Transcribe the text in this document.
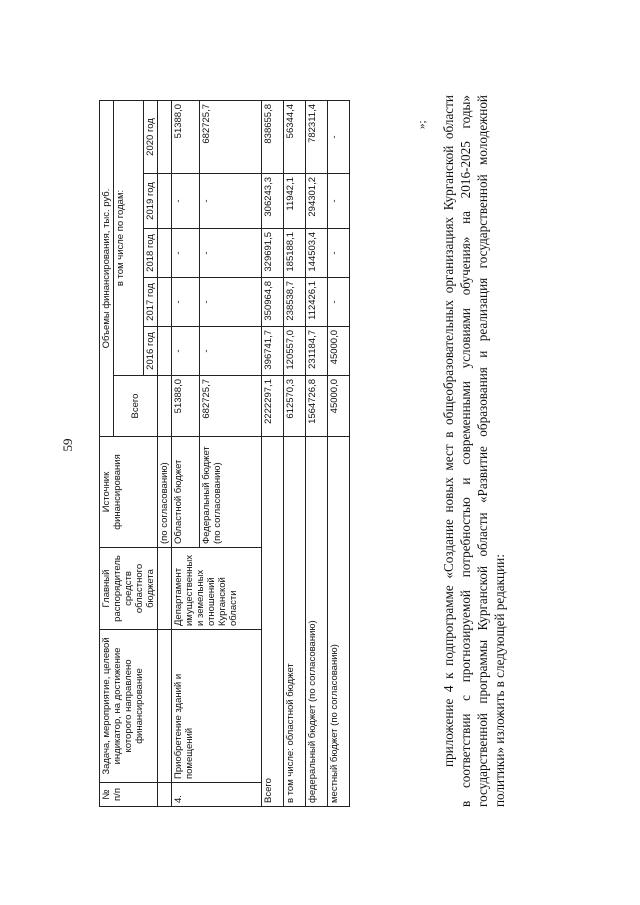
59
№ п/п	Задача, мероприятие, целевой индикатор, на достижение которого направлено финансирование	Главный распорядитель средств областного бюджета	Источник финансирования	Объемы финансирования, тыс. руб.					
				Всего	в том числе по годам:				
					2016 год	2017 год	2018 год	2019 год	2020 год
			(по согласованию)						
4.	Приобретение зданий и помещений	Департамент имущественных и земельных отношений Курганской области	Областной бюджет	51388,0	-	-	-	-	51388,0
			Федеральный бюджет (по согласованию)	682725,7	-	-	-	-	682725,7
Всего				2222297,1	396741,7	350964,8	329691,5	306243,3	838655,8
в том числе: областной бюджет				612570,3	120557,0	238538,7	185188,1	11942,1	56344,4
федеральный бюджет (по согласованию)				1564726,8	231184,7	112426,1	144503,4	294301,2	782311,4
местный бюджет (по согласованию)				45000,0	45000,0	-	-	-	-
»; приложение 4 к подпрограмме «Создание новых мест в общеобразовательных организациях Курганской области в соответствии с прогнозируемой потребностью и современными условиями обучения» на 2016-2025 годы» государственной программы Курганской области «Развитие образования и реализация государственной молодежной политики» изложить в следующей редакции:
